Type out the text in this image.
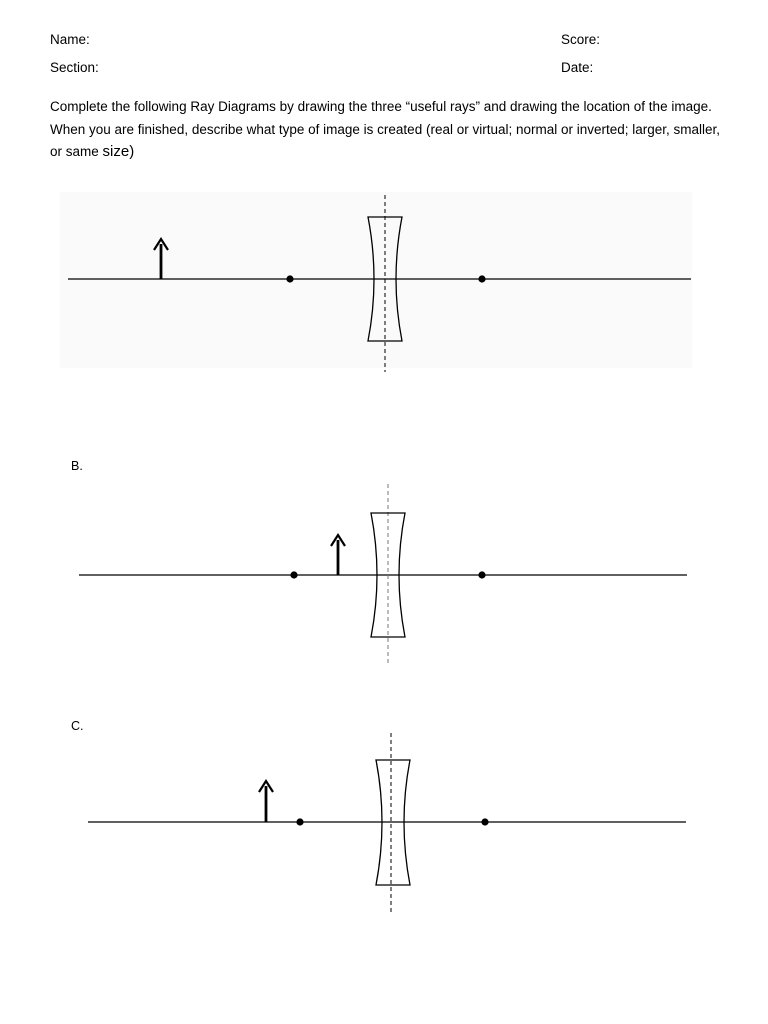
Name:	Score:
Section:	Date:
Complete the following Ray Diagrams by drawing the three “useful rays” and drawing the location of the image. When you are finished, describe what type of image is created (real or virtual; normal or inverted; larger, smaller, or same size)
B.
C.
